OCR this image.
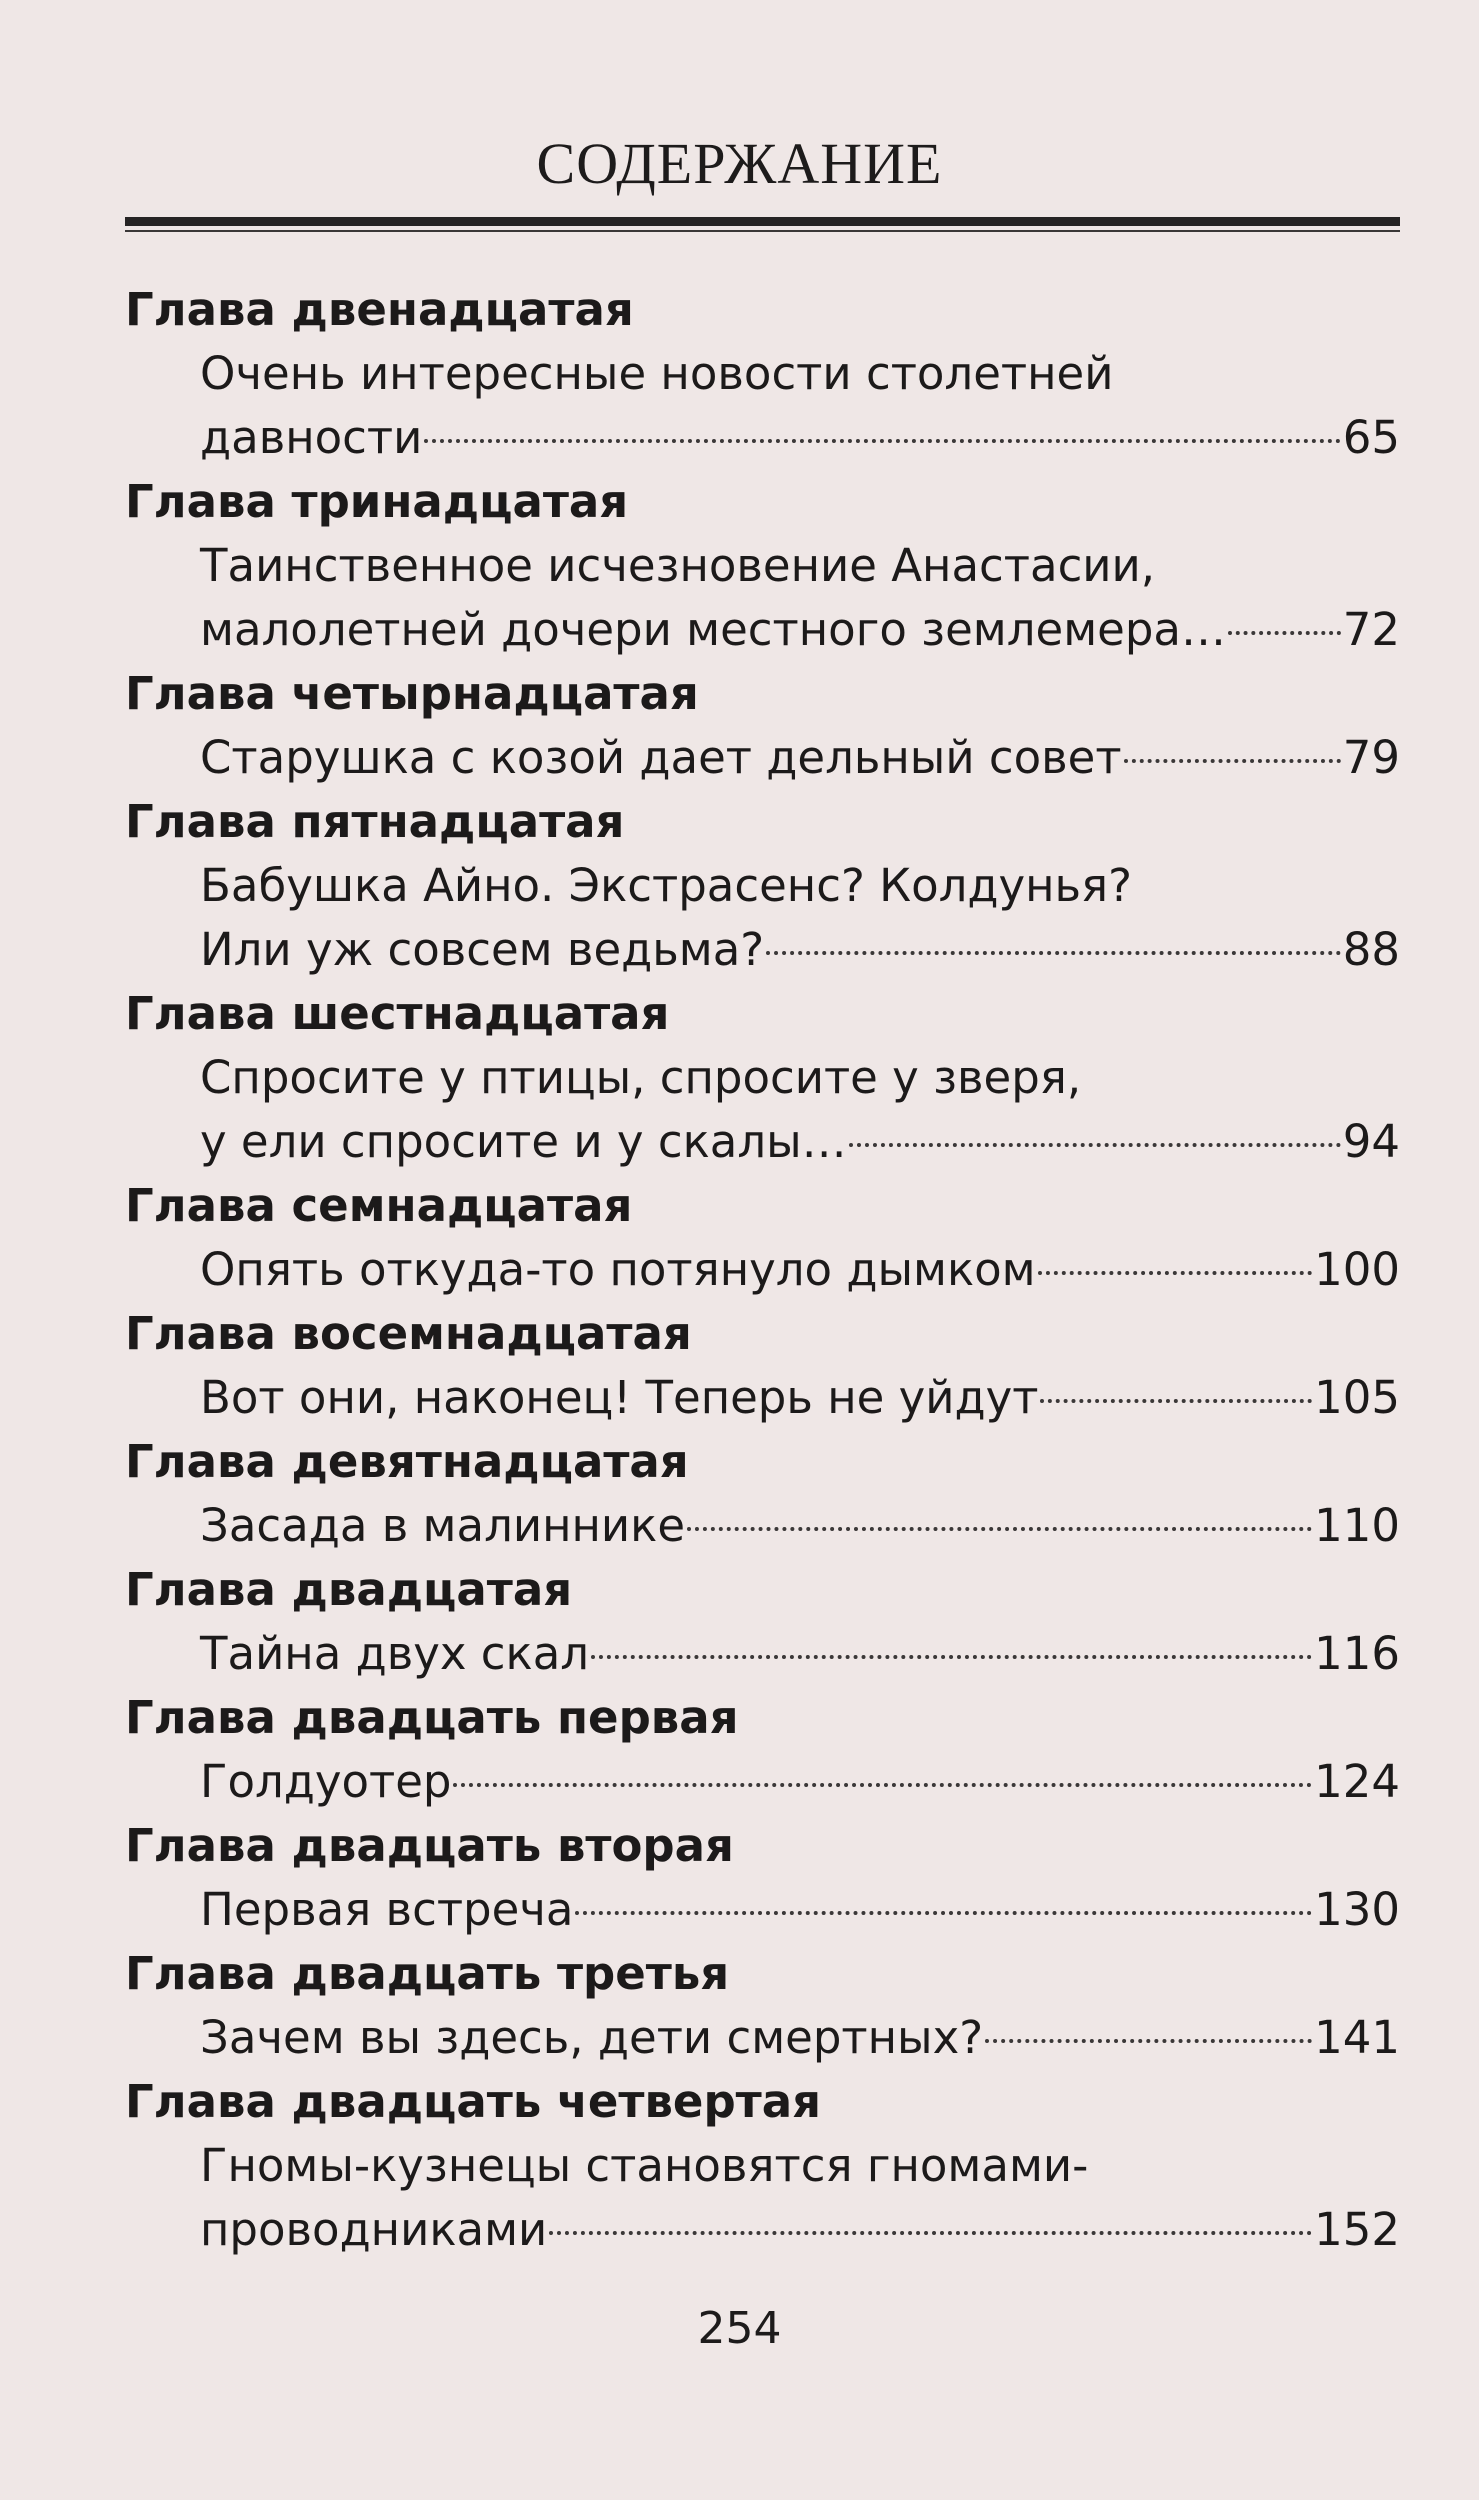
СОДЕРЖАНИЕ
Глава двенадцатая
Очень интересные новости столетней
давности	65
Глава тринадцатая
Таинственное исчезновение Анастасии,
малолетней дочери местного землемера…	72
Глава четырнадцатая
Старушка с козой дает дельный совет	79
Глава пятнадцатая
Бабушка Айно. Экстрасенс? Колдунья?
Или уж совсем ведьма?	88
Глава шестнадцатая
Спросите у птицы, спросите у зверя,
у ели спросите и у скалы…	94
Глава семнадцатая
Опять откуда-то потянуло дымком	100
Глава восемнадцатая
Вот они, наконец! Теперь не уйдут	105
Глава девятнадцатая
Засада в малиннике	110
Глава двадцатая
Тайна двух скал	116
Глава двадцать первая
Голдуотер	124
Глава двадцать вторая
Первая встреча	130
Глава двадцать третья
Зачем вы здесь, дети смертных?	141
Глава двадцать четвертая
Гномы-кузнецы становятся гномами-
проводниками	152
254
